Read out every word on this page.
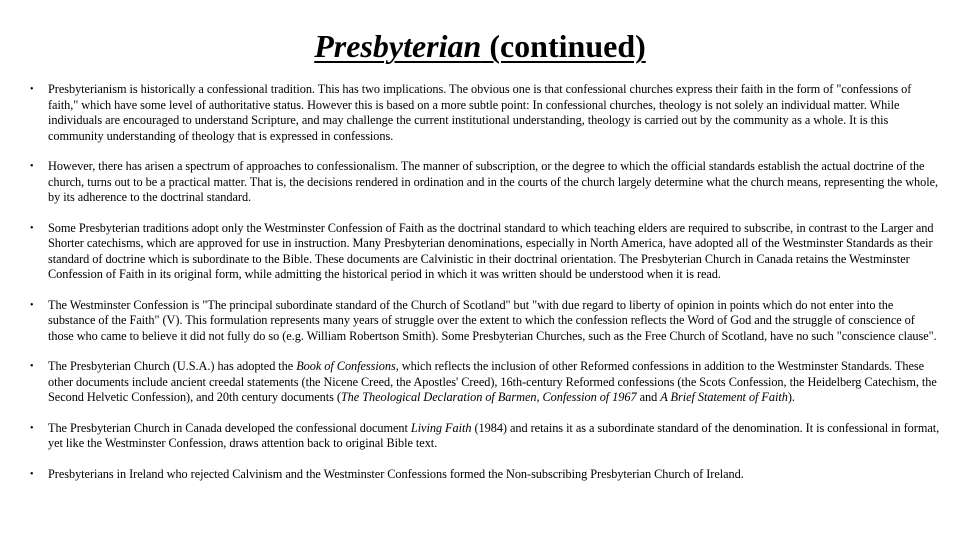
Presbyterian (continued)
• Presbyterianism is historically a confessional tradition. This has two implications. The obvious one is that confessional churches express their faith in the form of "confessions of faith," which have some level of authoritative status. However this is based on a more subtle point: In confessional churches, theology is not solely an individual matter. While individuals are encouraged to understand Scripture, and may challenge the current institutional understanding, theology is carried out by the community as a whole. It is this community understanding of theology that is expressed in confessions.
• However, there has arisen a spectrum of approaches to confessionalism. The manner of subscription, or the degree to which the official standards establish the actual doctrine of the church, turns out to be a practical matter. That is, the decisions rendered in ordination and in the courts of the church largely determine what the church means, representing the whole, by its adherence to the doctrinal standard.
• Some Presbyterian traditions adopt only the Westminster Confession of Faith as the doctrinal standard to which teaching elders are required to subscribe, in contrast to the Larger and Shorter catechisms, which are approved for use in instruction. Many Presbyterian denominations, especially in North America, have adopted all of the Westminster Standards as their standard of doctrine which is subordinate to the Bible. These documents are Calvinistic in their doctrinal orientation. The Presbyterian Church in Canada retains the Westminster Confession of Faith in its original form, while admitting the historical period in which it was written should be understood when it is read.
• The Westminster Confession is "The principal subordinate standard of the Church of Scotland" but "with due regard to liberty of opinion in points which do not enter into the substance of the Faith" (V). This formulation represents many years of struggle over the extent to which the confession reflects the Word of God and the struggle of conscience of those who came to believe it did not fully do so (e.g. William Robertson Smith). Some Presbyterian Churches, such as the Free Church of Scotland, have no such "conscience clause".
• The Presbyterian Church (U.S.A.) has adopted the Book of Confessions, which reflects the inclusion of other Reformed confessions in addition to the Westminster Standards. These other documents include ancient creedal statements (the Nicene Creed, the Apostles' Creed), 16th-century Reformed confessions (the Scots Confession, the Heidelberg Catechism, the Second Helvetic Confession), and 20th century documents (The Theological Declaration of Barmen, Confession of 1967 and A Brief Statement of Faith).
• The Presbyterian Church in Canada developed the confessional document Living Faith (1984) and retains it as a subordinate standard of the denomination. It is confessional in format, yet like the Westminster Confession, draws attention back to original Bible text.
• Presbyterians in Ireland who rejected Calvinism and the Westminster Confessions formed the Non-subscribing Presbyterian Church of Ireland.
